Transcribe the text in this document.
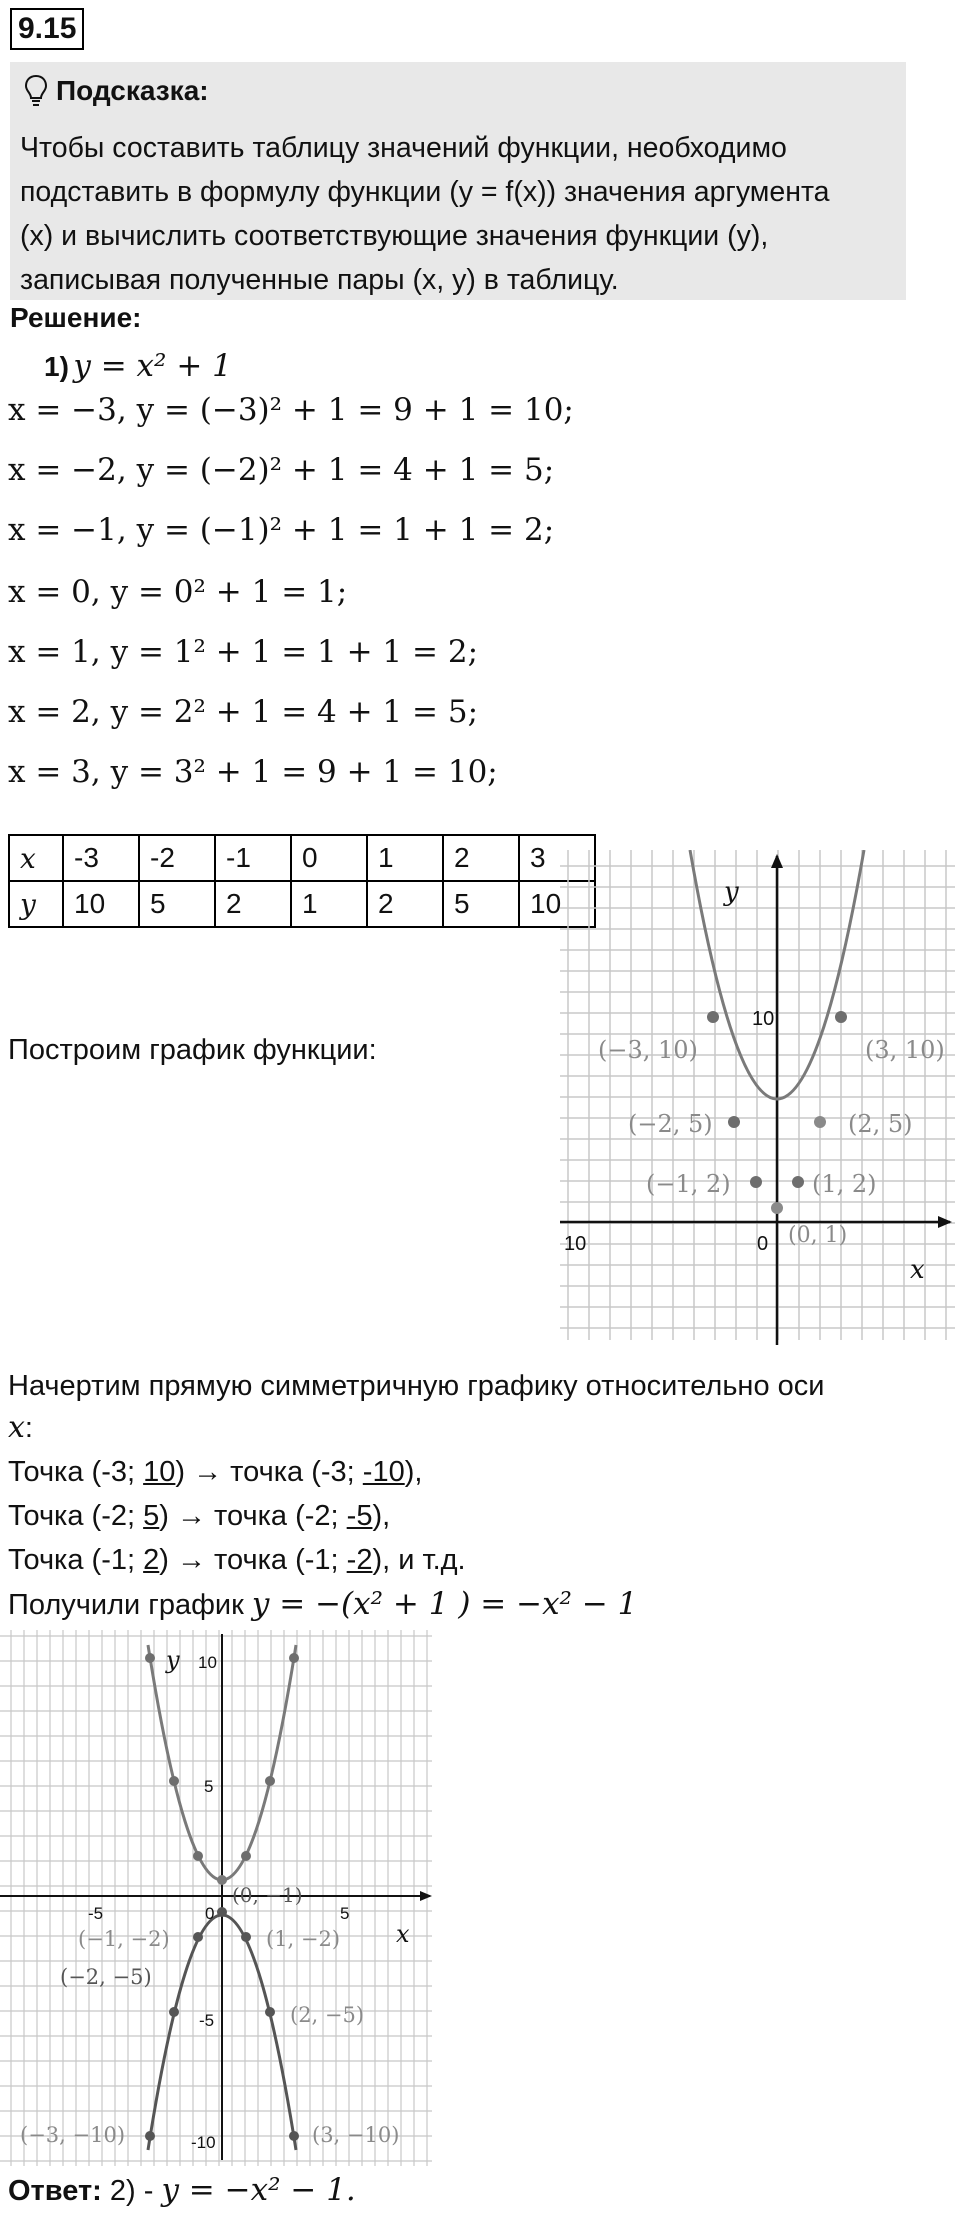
9.15
Подсказка:
Чтобы составить таблицу значений функции, необходимо
подставить в формулу функции (y = f(x)) значения аргумента
(x) и вычислить соответствующие значения функции (y),
записывая полученные пары (x, y) в таблицу.
Решение:
1) y = x² + 1
x = −3, y = (−3)² + 1 = 9 + 1 = 10;
x = −2, y = (−2)² + 1 = 4 + 1 = 5;
x = −1, y = (−1)² + 1 = 1 + 1 = 2;
x = 0, y = 0² + 1 = 1;
x = 1, y = 1² + 1 = 1 + 1 = 2;
x = 2, y = 2² + 1 = 4 + 1 = 5;
x = 3, y = 3² + 1 = 9 + 1 = 10;
x	-3	-2	-1	0	1	2	3
y	10	5	2	1	2	5	10
Построим график функции:
y
x
10
10	0
(−3, 10)	(3, 10)
(−2, 5)	(2, 5)
(−1, 2)	(1, 2)
(0, 1)
Начертим прямую симметричную графику относительно оси
x:
Точка (-3; 10) → точка (-3; -10),
Точка (-2; 5) → точка (-2; -5),
Точка (-1; 2) → точка (-1; -2), и т.д.
Получили график y = −(x² + 1 ) = −x² − 1
y
x
10
5
-5
-10
-5	5
0
(0, −1)
(−1, −2)	(1, −2)
(−2, −5)
(2, −5)
(−3, −10)	(3, −10)
Ответ: 2) - y = −x² − 1.
